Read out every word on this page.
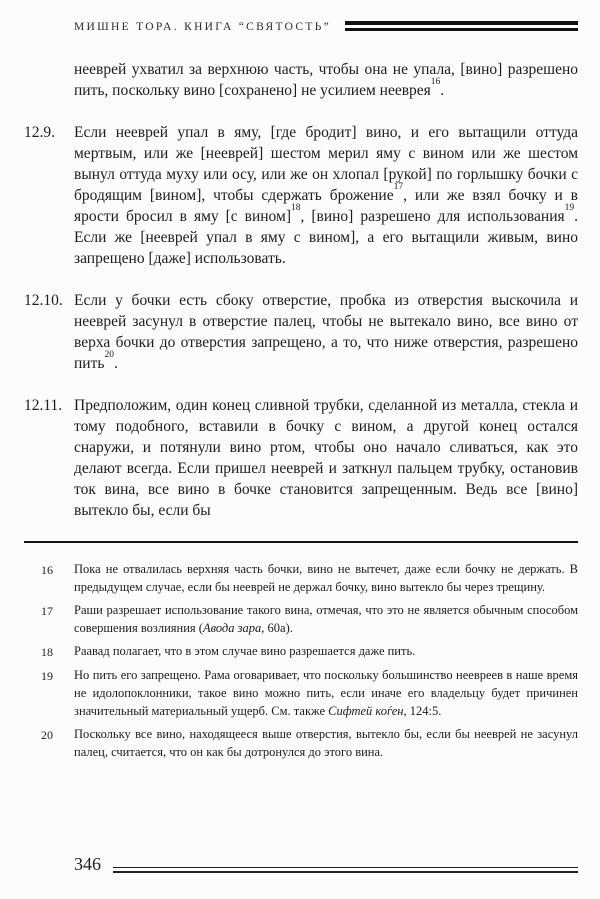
МИШНЕ ТОРА. КНИГА “СВЯТОСТЬ”

нееврей ухватил за верхнюю часть, чтобы она не упала, [вино] разрешено пить, поскольку вино [сохранено] не усилием нееврея$^{16}$.

12.9.	Если нееврей упал в яму, [где бродит] вино, и его вытащили оттуда мертвым, или же [нееврей] шестом мерил яму с вином или же шестом вынул оттуда муху или осу, или же он хлопал [рукой] по горлышку бочки с бродящим [вином], чтобы сдержать брожение$^{17}$, или же взял бочку и в ярости бросил в яму [с вином]$^{18}$, [вино] разрешено для использования$^{19}$. Если же [нееврей упал в яму с вином], а его вытащили живым, вино запрещено [даже] использовать.

12.10. Если у бочки есть сбоку отверстие, пробка из отверстия выскочила и нееврей засунул в отверстие палец, чтобы не вытекало вино, все вино от верха бочки до отверстия запрещено, а то, что ниже отверстия, разрешено пить$^{20}$.

12.11. Предположим, один конец сливной трубки, сделанной из металла, стекла и тому подобного, вставили в бочку с вином, а другой конец остался снаружи, и потянули вино ртом, чтобы оно начало сливаться, как это делают всегда. Если пришел нееврей и заткнул пальцем трубку, остановив ток вина, все вино в бочке становится запрещенным. Ведь все [вино] вытекло бы, если бы

16	Пока не отвалилась верхняя часть бочки, вино не вытечет, даже если бочку не держать. В предыдущем случае, если бы нееврей не держал бочку, вино вытекло бы через трещину.

17	Раши разрешает использование такого вина, отмечая, что это не является обычным способом совершения возлияния (Авода зара, 60а).

18	Раавад полагает, что в этом случае вино разрешается даже пить.

19	Но пить его запрещено. Рама оговаривает, что поскольку большинство неевреев в наше время не идолопоклонники, такое вино можно пить, если иначе его владельцу будет причинен значительный материальный ущерб. См. также Сифтей коѓен, 124:5.

20	Поскольку все вино, находящееся выше отверстия, вытекло бы, если бы нееврей не засунул палец, считается, что он как бы дотронулся до этого вина.

346
